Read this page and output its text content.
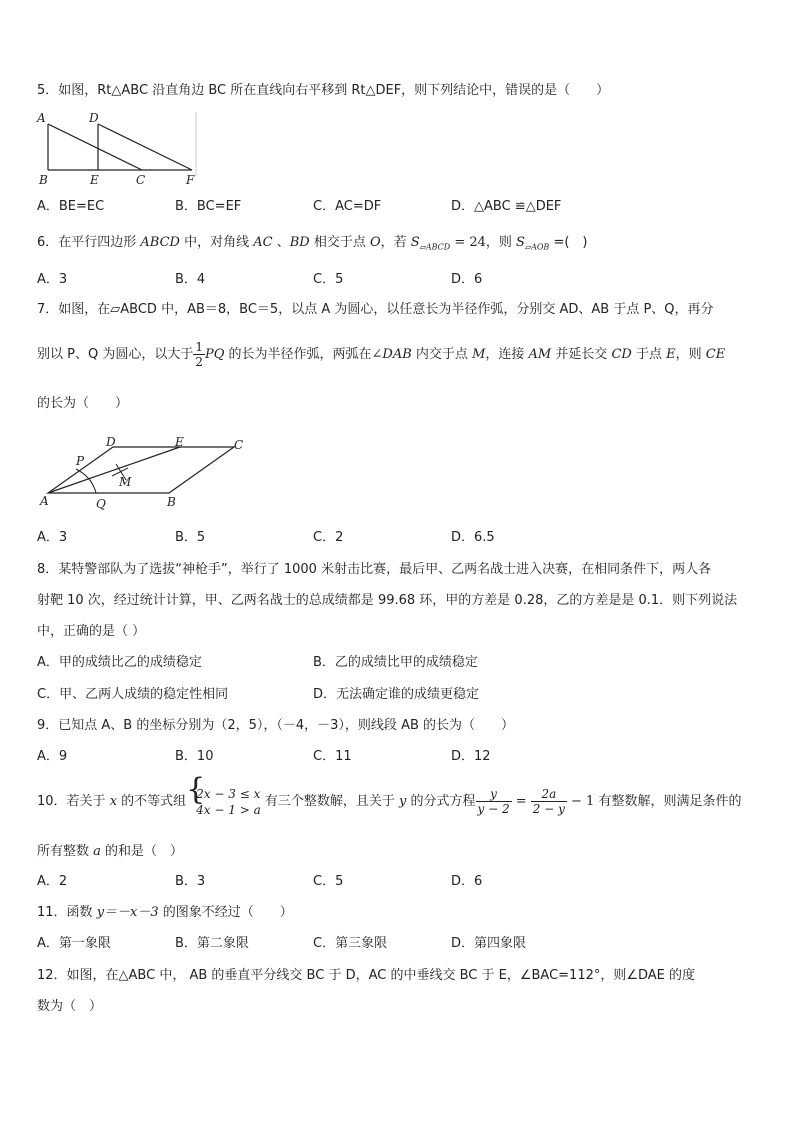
5．如图，Rt△ABC 沿直角边 BC 所在直线向右平移到 Rt△DEF，则下列结论中，错误的是（　　）
A	D
B	E	C	F
A．BE=EC	B．BC=EF	C．AC=DF	D．△ABC ≌△DEF
6．在平行四边形 ABCD 中，对角线 AC 、BD 相交于点 O，若 $S_{▱ABCD} = 24$，则 $S_{▱AOB}$ =(　)
A．3	B．4	C．5	D．6
7．如图，在▱ABCD 中，AB＝8，BC＝5，以点 A 为圆心，以任意长为半径作弧，分别交 AD、AB 于点 P、Q，再分
别以 P、Q 为圆心，以大于 $\frac{1}{2}$ PQ 的长为半径作弧，两弧在∠DAB 内交于点 M，连接 AM 并延长交 CD 于点 E，则 CE
的长为（　　）
D	E	C
P
M
A	Q	B
A．3	B．5	C．2	D．6.5
8．某特警部队为了选拔“神枪手”，举行了 1000 米射击比赛，最后甲、乙两名战士进入决赛，在相同条件下，两人各
射靶 10 次，经过统计计算，甲、乙两名战士的总成绩都是 99.68 环，甲的方差是 0.28，乙的方差是是 0.1．则下列说法
中，正确的是（ ）
A．甲的成绩比乙的成绩稳定	B．乙的成绩比甲的成绩稳定
C．甲、乙两人成绩的稳定性相同	D．无法确定谁的成绩更稳定
9．已知点 A、B 的坐标分别为（2，5），（－4，－3），则线段 AB 的长为（　　）
A．9	B．10	C．11	D．12
10．若关于 x 的不等式组 {
2x − 3 ≤ x
4x − 1 > a
有三个整数解，且关于 y 的分式方程 $\frac{y}{y - 2} = \frac{2a}{2 - y} - 1$ 有整数解，则满足条件的
所有整数 a 的和是（　）
A．2	B．3	C．5	D．6
11．函数 y＝－x－3 的图象不经过（　　）
A．第一象限	B．第二象限	C．第三象限	D．第四象限
12．如图，在△ABC 中， AB 的垂直平分线交 BC 于 D，AC 的中垂线交 BC 于 E，∠BAC=112°，则∠DAE 的度
数为（　）
